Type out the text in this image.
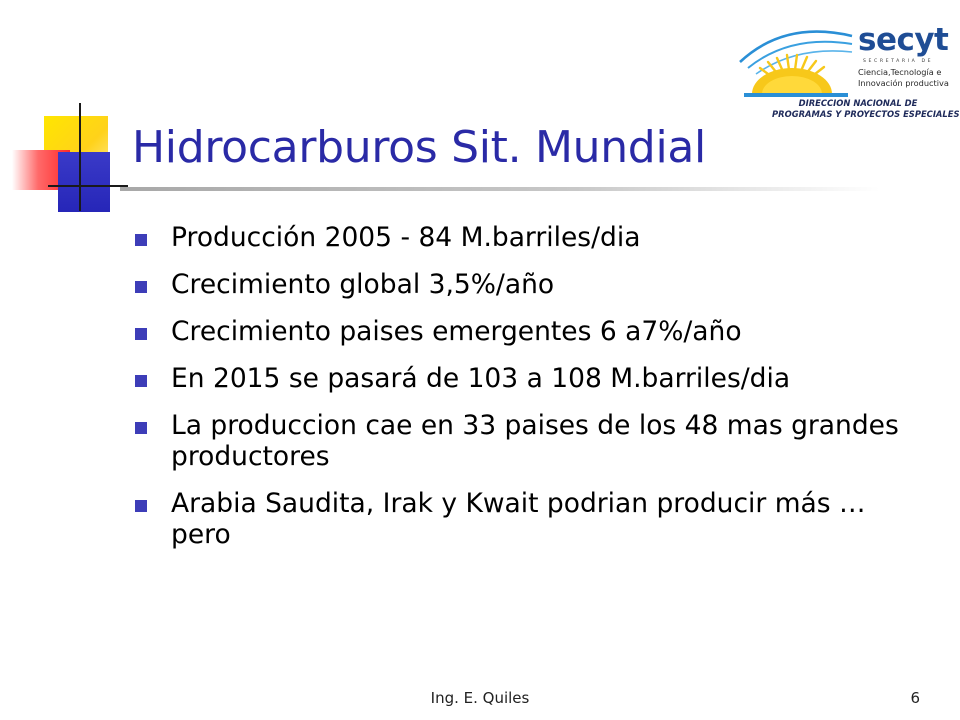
secyt
SECRETARIA DE
Ciencia,Tecnología e
Innovación productiva
DIRECCION NACIONAL DE
PROGRAMAS Y PROYECTOS ESPECIALES
Hidrocarburos Sit. Mundial
Producción 2005 - 84 M.barriles/dia
Crecimiento global 3,5%/año
Crecimiento paises emergentes 6 a7%/año
En 2015 se pasará de 103 a 108 M.barriles/dia
La produccion cae en 33 paises de los 48 mas grandes productores
Arabia Saudita, Irak y Kwait podrian producir más … pero
Ing. E. Quiles	6
